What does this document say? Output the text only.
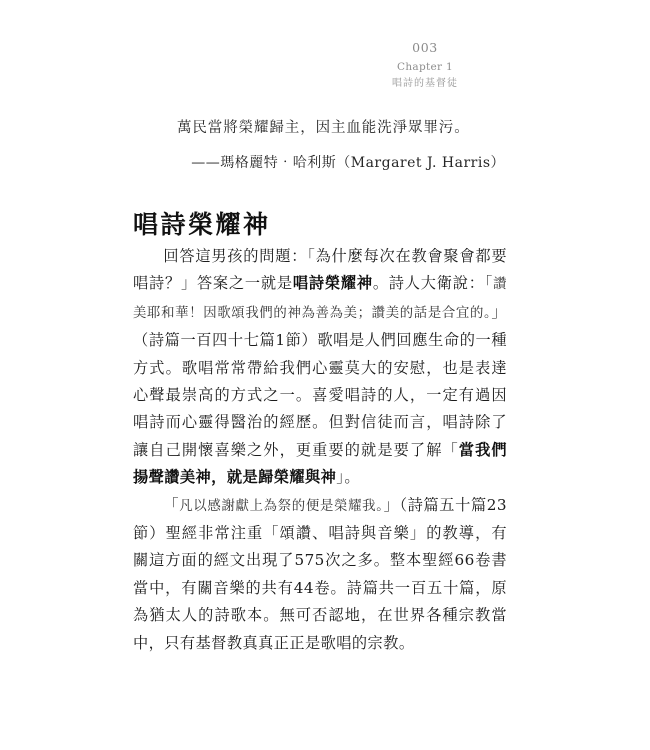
003
Chapter 1
唱詩的基督徒
萬民當將榮耀歸主，因主血能洗淨眾罪污。
——瑪格麗特‧哈利斯（Margaret J. Harris）
唱詩榮耀神

回答這男孩的問題：「為什麼每次在教會聚會都要唱詩？」答案之一就是唱詩榮耀神。詩人大衛說：「讚美耶和華！因歌頌我們的神為善為美；讚美的話是合宜的。」（詩篇一百四十七篇1節）歌唱是人們回應生命的一種方式。歌唱常常帶給我們心靈莫大的安慰，也是表達心聲最崇高的方式之一。喜愛唱詩的人，一定有過因唱詩而心靈得醫治的經歷。但對信徒而言，唱詩除了讓自己開懷喜樂之外，更重要的就是要了解「當我們揚聲讚美神，就是歸榮耀與神」。

「凡以感謝獻上為祭的便是榮耀我。」（詩篇五十篇23節）聖經非常注重「頌讚、唱詩與音樂」的教導，有關這方面的經文出現了575次之多。整本聖經66卷書當中，有關音樂的共有44卷。詩篇共一百五十篇，原為猶太人的詩歌本。無可否認地，在世界各種宗教當中，只有基督教真真正正是歌唱的宗教。
